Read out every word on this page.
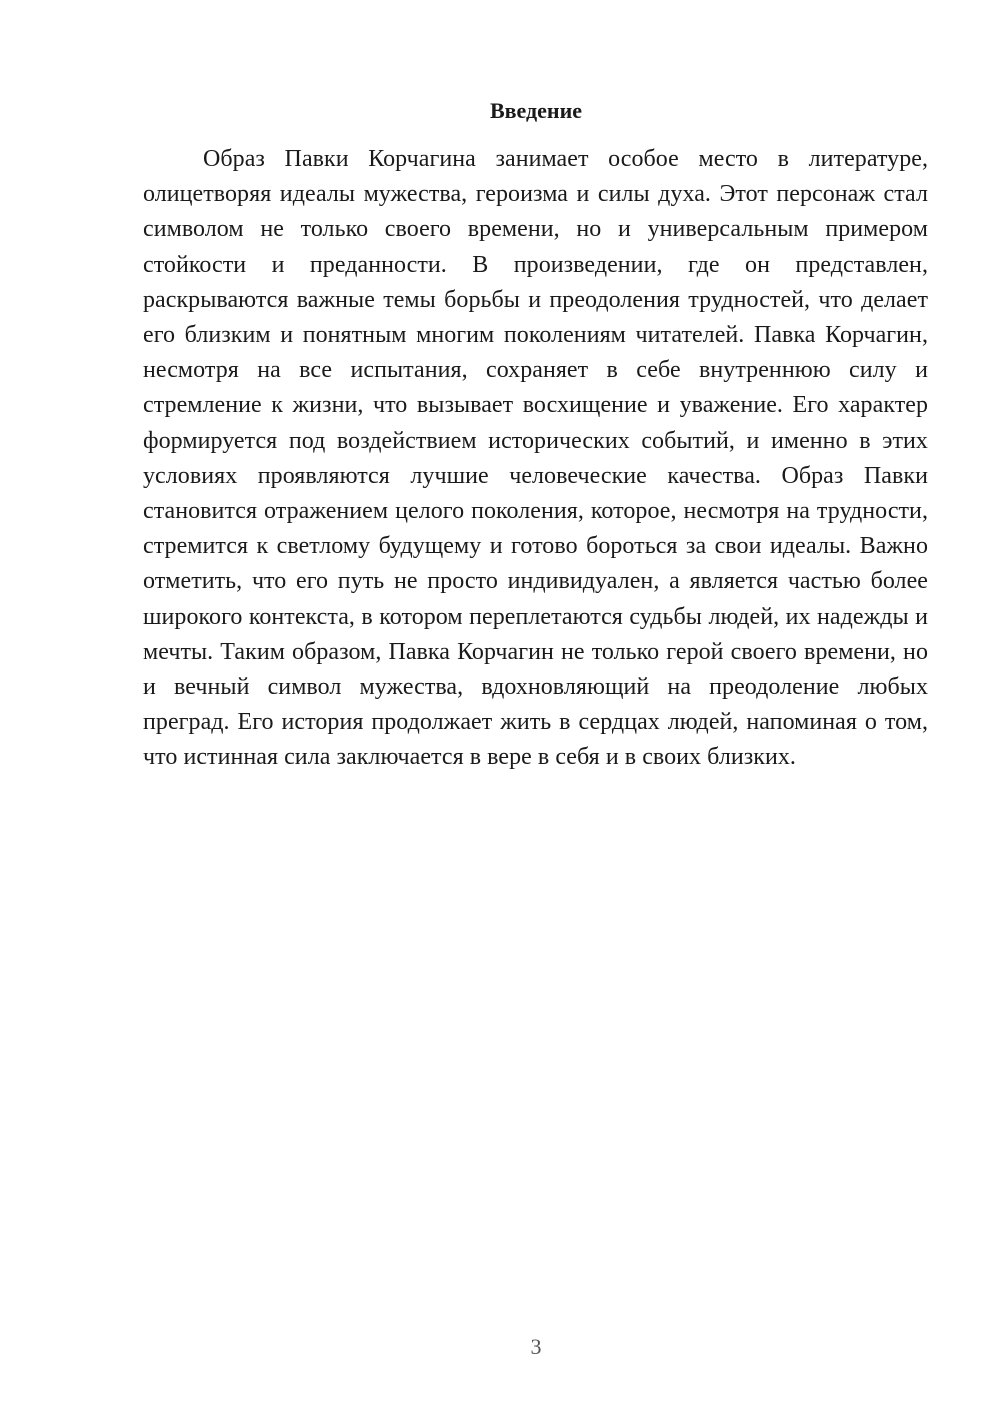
Введение

Образ Павки Корчагина занимает особое место в литературе, олицетворяя идеалы мужества, героизма и силы духа. Этот персонаж стал символом не только своего времени, но и универсальным примером стойкости и преданности. В произведении, где он представлен, раскрываются важные темы борьбы и преодоления трудностей, что делает его близким и понятным многим поколениям читателей. Павка Корчагин, несмотря на все испытания, сохраняет в себе внутреннюю силу и стремление к жизни, что вызывает восхищение и уважение. Его характер формируется под воздействием исторических событий, и именно в этих условиях проявляются лучшие человеческие качества. Образ Павки становится отражением целого поколения, которое, несмотря на трудности, стремится к светлому будущему и готово бороться за свои идеалы. Важно отметить, что его путь не просто индивидуален, а является частью более широкого контекста, в котором переплетаются судьбы людей, их надежды и мечты. Таким образом, Павка Корчагин не только герой своего времени, но и вечный символ мужества, вдохновляющий на преодоление любых преград. Его история продолжает жить в сердцах людей, напоминая о том, что истинная сила заключается в вере в себя и в своих близких.

3
